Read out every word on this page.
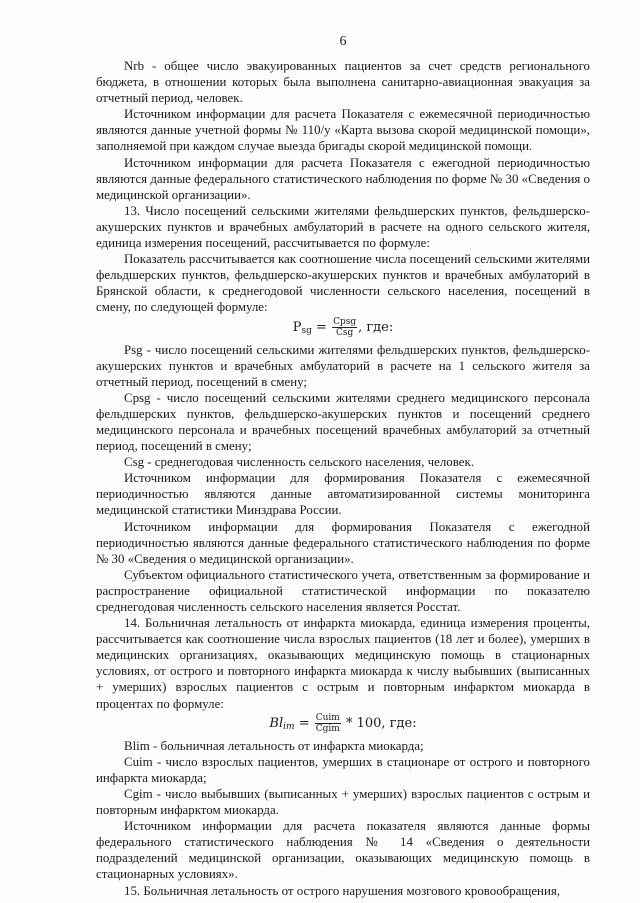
6

Nrb - общее число эвакуированных пациентов за счет средств регионального бюджета, в отношении которых была выполнена санитарно-авиационная эвакуация за отчетный период, человек.

Источником информации для расчета Показателя с ежемесячной периодичностью являются данные учетной формы № 110/у «Карта вызова скорой медицинской помощи», заполняемой при каждом случае выезда бригады скорой медицинской помощи.

Источником информации для расчета Показателя с ежегодной периодичностью являются данные федерального статистического наблюдения по форме № 30 «Сведения о медицинской организации».

13. Число посещений сельскими жителями фельдшерских пунктов, фельдшерско-акушерских пунктов и врачебных амбулаторий в расчете на одного сельского жителя, единица измерения посещений, рассчитывается по формуле:

Показатель рассчитывается как соотношение числа посещений сельскими жителями фельдшерских пунктов, фельдшерско-акушерских пунктов и врачебных амбулаторий в Брянской области, к среднегодовой численности сельского населения, посещений в смену, по следующей формуле:

$P_{sg} = \frac{\text{Cpsg}}{\text{Csg}}$ , где:

Psg - число посещений сельскими жителями фельдшерских пунктов, фельдшерско-акушерских пунктов и врачебных амбулаторий в расчете на 1 сельского жителя за отчетный период, посещений в смену;

Cpsg - число посещений сельскими жителями среднего медицинского персонала фельдшерских пунктов, фельдшерско-акушерских пунктов и посещений среднего медицинского персонала и врачебных посещений врачебных амбулаторий за отчетный период, посещений в смену;

Csg - среднегодовая численность сельского населения, человек.

Источником информации для формирования Показателя с ежемесячной периодичностью являются данные автоматизированной системы мониторинга медицинской статистики Минздрава России.

Источником информации для формирования Показателя с ежегодной периодичностью являются данные федерального статистического наблюдения по форме № 30 «Сведения о медицинской организации».

Субъектом официального статистического учета, ответственным за формирование и распространение официальной статистической информации по показателю среднегодовая численность сельского населения является Росстат.

14. Больничная летальность от инфаркта миокарда, единица измерения проценты, рассчитывается как соотношение числа взрослых пациентов (18 лет и более), умерших в медицинских организациях, оказывающих медицинскую помощь в стационарных условиях, от острого и повторного инфаркта миокарда к числу выбывших (выписанных + умерших) взрослых пациентов с острым и повторным инфарктом миокарда в процентах по формуле:

$Bl_{im} = \frac{\text{Cuim}}{\text{Cgim}} * 100$, где:

Blim - больничная летальность от инфаркта миокарда;

Cuim - число взрослых пациентов, умерших в стационаре от острого и повторного инфаркта миокарда;

Cgim - число выбывших (выписанных + умерших) взрослых пациентов с острым и повторным инфарктом миокарда.

Источником информации для расчета показателя являются данные формы федерального статистического наблюдения № 14 «Сведения о деятельности подразделений медицинской организации, оказывающих медицинскую помощь в стационарных условиях».

15. Больничная летальность от острого нарушения мозгового кровообращения,
